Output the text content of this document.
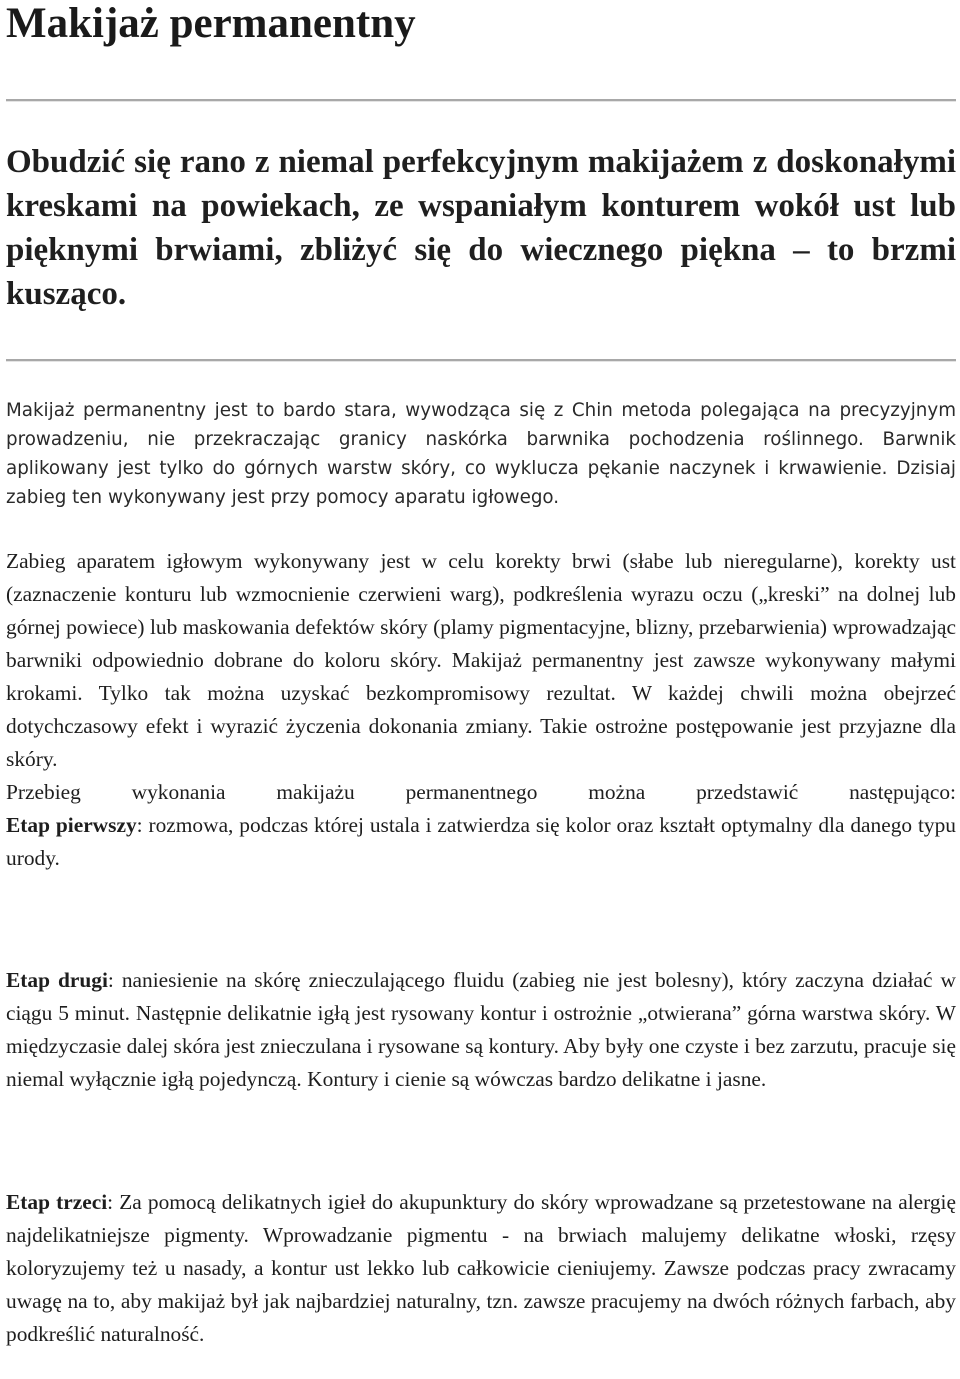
Makijaż permanentny

Obudzić się rano z niemal perfekcyjnym makijażem z doskonałymi kreskami na powiekach, ze wspaniałym konturem wokół ust lub pięknymi brwiami, zbliżyć się do wiecznego piękna – to brzmi kusząco.

Makijaż permanentny jest to bardo stara, wywodząca się z Chin metoda polegająca na precyzyjnym prowadzeniu, nie przekraczając granicy naskórka barwnika pochodzenia roślinnego. Barwnik aplikowany jest tylko do górnych warstw skóry, co wyklucza pękanie naczynek i krwawienie. Dzisiaj zabieg ten wykonywany jest przy pomocy aparatu igłowego.

Zabieg aparatem igłowym wykonywany jest w celu korekty brwi (słabe lub nieregularne), korekty ust (zaznaczenie konturu lub wzmocnienie czerwieni warg), podkreślenia wyrazu oczu („kreski” na dolnej lub górnej powiece) lub maskowania defektów skóry (plamy pigmentacyjne, blizny, przebarwienia) wprowadzając barwniki odpowiednio dobrane do koloru skóry. Makijaż permanentny jest zawsze wykonywany małymi krokami. Tylko tak można uzyskać bezkompromisowy rezultat. W każdej chwili można obejrzeć dotychczasowy efekt i wyrazić życzenia dokonania zmiany. Takie ostrożne postępowanie jest przyjazne dla skóry.
Przebieg wykonania makijażu permanentnego można przedstawić następująco:
Etap pierwszy: rozmowa, podczas której ustala i zatwierdza się kolor oraz kształt optymalny dla danego typu urody.

Etap drugi: naniesienie na skórę znieczulającego fluidu (zabieg nie jest bolesny), który zaczyna działać w ciągu 5 minut. Następnie delikatnie igłą jest rysowany kontur i ostrożnie „otwierana” górna warstwa skóry. W międzyczasie dalej skóra jest znieczulana i rysowane są kontury. Aby były one czyste i bez zarzutu, pracuje się niemal wyłącznie igłą pojedynczą. Kontury i cienie są wówczas bardzo delikatne i jasne.

Etap trzeci: Za pomocą delikatnych igieł do akupunktury do skóry wprowadzane są przetestowane na alergię najdelikatniejsze pigmenty. Wprowadzanie pigmentu - na brwiach malujemy delikatne włoski, rzęsy koloryzujemy też u nasady, a kontur ust lekko lub całkowicie cieniujemy. Zawsze podczas pracy zwracamy uwagę na to, aby makijaż był jak najbardziej naturalny, tzn. zawsze pracujemy na dwóch różnych farbach, aby podkreślić naturalność.
